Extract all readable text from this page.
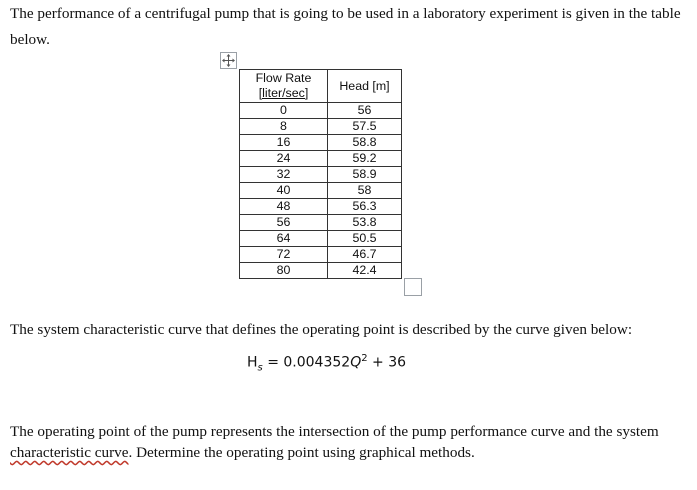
The performance of a centrifugal pump that is going to be used in a laboratory experiment is given in the table below.

Flow Rate
[liter/sec]	Head [m]
0	56
8	57.5
16	58.8
24	59.2
32	58.9
40	58
48	56.3
56	53.8
64	50.5
72	46.7
80	42.4

The system characteristic curve that defines the operating point is described by the curve given below:

$H_s = 0.004352Q^2 + 36$

The operating point of the pump represents the intersection of the pump performance curve and the system characteristic curve. Determine the operating point using graphical methods.
